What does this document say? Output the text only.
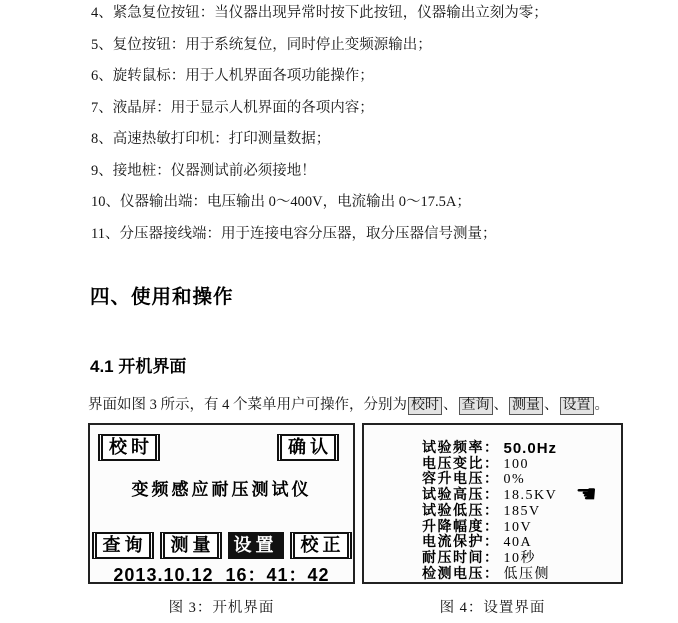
4、紧急复位按钮：当仪器出现异常时按下此按钮，仪器输出立刻为零；

5、复位按钮：用于系统复位，同时停止变频源输出；

6、旋转鼠标：用于人机界面各项功能操作；

7、液晶屏：用于显示人机界面的各项内容；

8、高速热敏打印机：打印测量数据；

9、接地桩：仪器测试前必须接地！

10、仪器输出端：电压输出 0～400V，电流输出 0～17.5A；

11、分压器接线端：用于连接电容分压器，取分压器信号测量；

四、使用和操作
4.1 开机界面

界面如图 3 所示，有 4 个菜单用户可操作，分别为 校时 、 查询 、 测量 、 设置 。

校时	确认
变频感应耐压测试仪
查询	测量	设置	校正
2013.10.12 16：41：42
试验频率： 50.0Hz
电压变比： 100
容升电压： 0%
试验高压： 18.5KV
试验低压： 185V
升降幅度： 10V
电流保护： 40A
耐压时间： 10秒
检测电压： 低压侧
☚

图 3：开机界面	图 4：设置界面
